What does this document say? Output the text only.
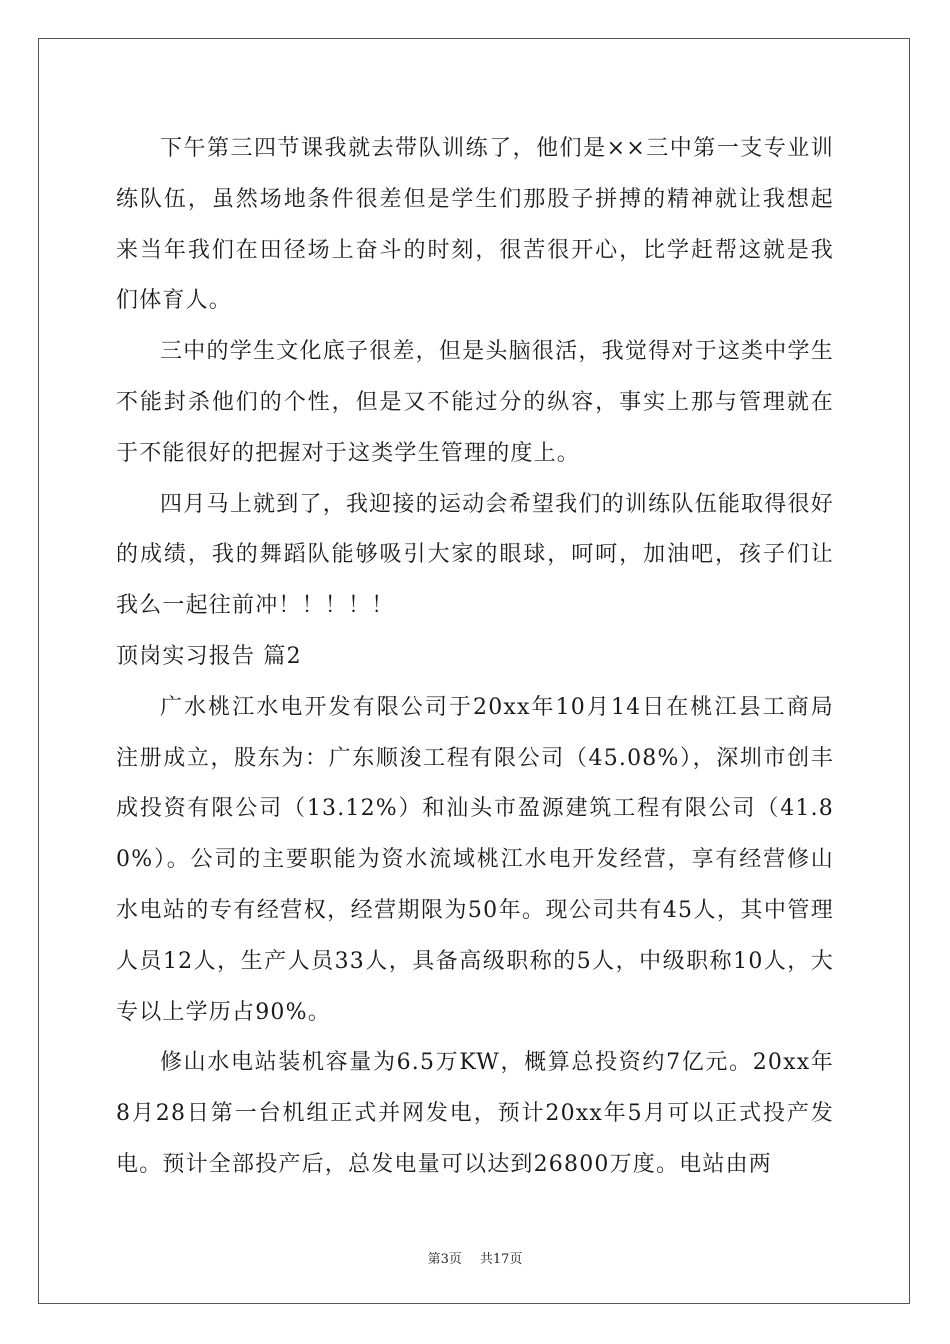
下午第三四节课我就去带队训练了，他们是××三中第一支专业训练队伍，虽然场地条件很差但是学生们那股子拼搏的精神就让我想起来当年我们在田径场上奋斗的时刻，很苦很开心，比学赶帮这就是我们体育人。

三中的学生文化底子很差，但是头脑很活，我觉得对于这类中学生不能封杀他们的个性，但是又不能过分的纵容，事实上那与管理就在于不能很好的把握对于这类学生管理的度上。

四月马上就到了，我迎接的运动会希望我们的训练队伍能取得很好的成绩，我的舞蹈队能够吸引大家的眼球，呵呵，加油吧，孩子们让我么一起往前冲！！！！！

顶岗实习报告 篇2

广水桃江水电开发有限公司于20xx年10月14日在桃江县工商局注册成立，股东为：广东顺浚工程有限公司（45.08%），深圳市创丰成投资有限公司（13.12%）和汕头市盈源建筑工程有限公司（41.80%）。公司的主要职能为资水流域桃江水电开发经营，享有经营修山水电站的专有经营权，经营期限为50年。现公司共有45人，其中管理人员12人，生产人员33人，具备高级职称的5人，中级职称10人，大专以上学历占90%。

修山水电站装机容量为6.5万KW，概算总投资约7亿元。20xx年8月28日第一台机组正式并网发电，预计20xx年5月可以正式投产发电。预计全部投产后，总发电量可以达到26800万度。电站由两

第3页 共17页
